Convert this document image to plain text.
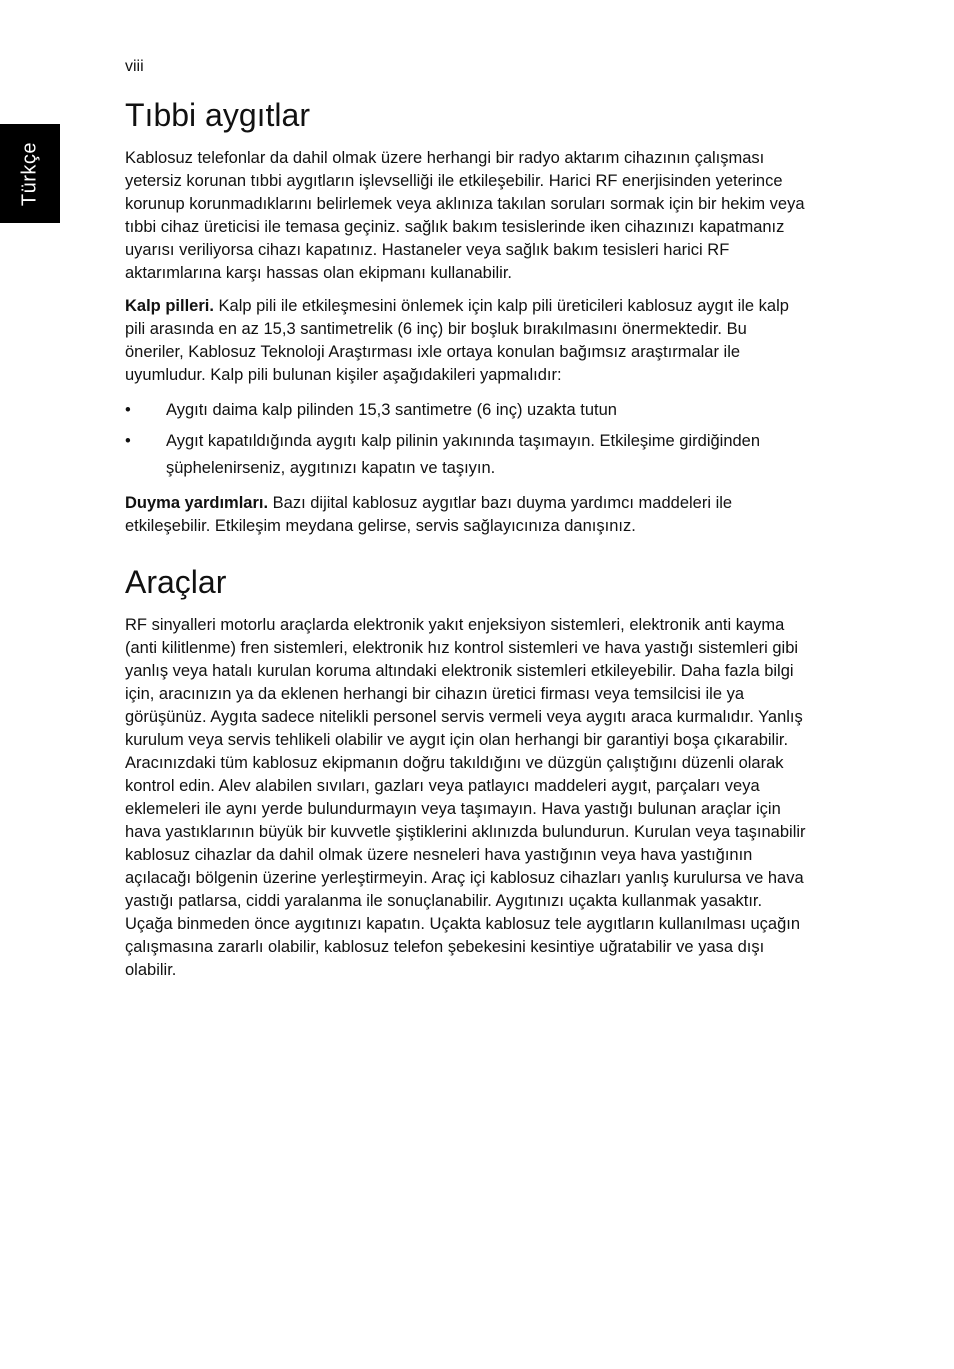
Türkçe
viii
Tıbbi aygıtlar

Kablosuz telefonlar da dahil olmak üzere herhangi bir radyo aktarım cihazının çalışması yetersiz korunan tıbbi aygıtların işlevselliği ile etkileşebilir. Harici RF enerjisinden yeterince korunup korunmadıklarını belirlemek veya aklınıza takılan soruları sormak için bir hekim veya tıbbi cihaz üreticisi ile temasa geçiniz. sağlık bakım tesislerinde iken cihazınızı kapatmanız uyarısı veriliyorsa cihazı kapatınız. Hastaneler veya sağlık bakım tesisleri harici RF aktarımlarına karşı hassas olan ekipmanı kullanabilir.

Kalp pilleri. Kalp pili ile etkileşmesini önlemek için kalp pili üreticileri kablosuz aygıt ile kalp pili arasında en az 15,3 santimetrelik (6 inç) bir boşluk bırakılmasını önermektedir. Bu öneriler, Kablosuz Teknoloji Araştırması ixle ortaya konulan bağımsız araştırmalar ile uyumludur. Kalp pili bulunan kişiler aşağıdakileri yapmalıdır:

• Aygıtı daima kalp pilinden 15,3 santimetre (6 inç) uzakta tutun
• Aygıt kapatıldığında aygıtı kalp pilinin yakınında taşımayın. Etkileşime girdiğinden şüphelenirseniz, aygıtınızı kapatın ve taşıyın.

Duyma yardımları. Bazı dijital kablosuz aygıtlar bazı duyma yardımcı maddeleri ile etkileşebilir. Etkileşim meydana gelirse, servis sağlayıcınıza danışınız.

Araçlar

RF sinyalleri motorlu araçlarda elektronik yakıt enjeksiyon sistemleri, elektronik anti kayma (anti kilitlenme) fren sistemleri, elektronik hız kontrol sistemleri ve hava yastığı sistemleri gibi yanlış veya hatalı kurulan koruma altındaki elektronik sistemleri etkileyebilir. Daha fazla bilgi için, aracınızın ya da eklenen herhangi bir cihazın üretici firması veya temsilcisi ile ya görüşünüz. Aygıta sadece nitelikli personel servis vermeli veya aygıtı araca kurmalıdır. Yanlış kurulum veya servis tehlikeli olabilir ve aygıt için olan herhangi bir garantiyi boşa çıkarabilir. Aracınızdaki tüm kablosuz ekipmanın doğru takıldığını ve düzgün çalıştığını düzenli olarak kontrol edin. Alev alabilen sıvıları, gazları veya patlayıcı maddeleri aygıt, parçaları veya eklemeleri ile aynı yerde bulundurmayın veya taşımayın. Hava yastığı bulunan araçlar için hava yastıklarının büyük bir kuvvetle şiştiklerini aklınızda bulundurun. Kurulan veya taşınabilir kablosuz cihazlar da dahil olmak üzere nesneleri hava yastığının veya hava yastığının açılacağı bölgenin üzerine yerleştirmeyin. Araç içi kablosuz cihazları yanlış kurulursa ve hava yastığı patlarsa, ciddi yaralanma ile sonuçlanabilir. Aygıtınızı uçakta kullanmak yasaktır. Uçağa binmeden önce aygıtınızı kapatın. Uçakta kablosuz tele aygıtların kullanılması uçağın çalışmasına zararlı olabilir, kablosuz telefon şebekesini kesintiye uğratabilir ve yasa dışı olabilir.
